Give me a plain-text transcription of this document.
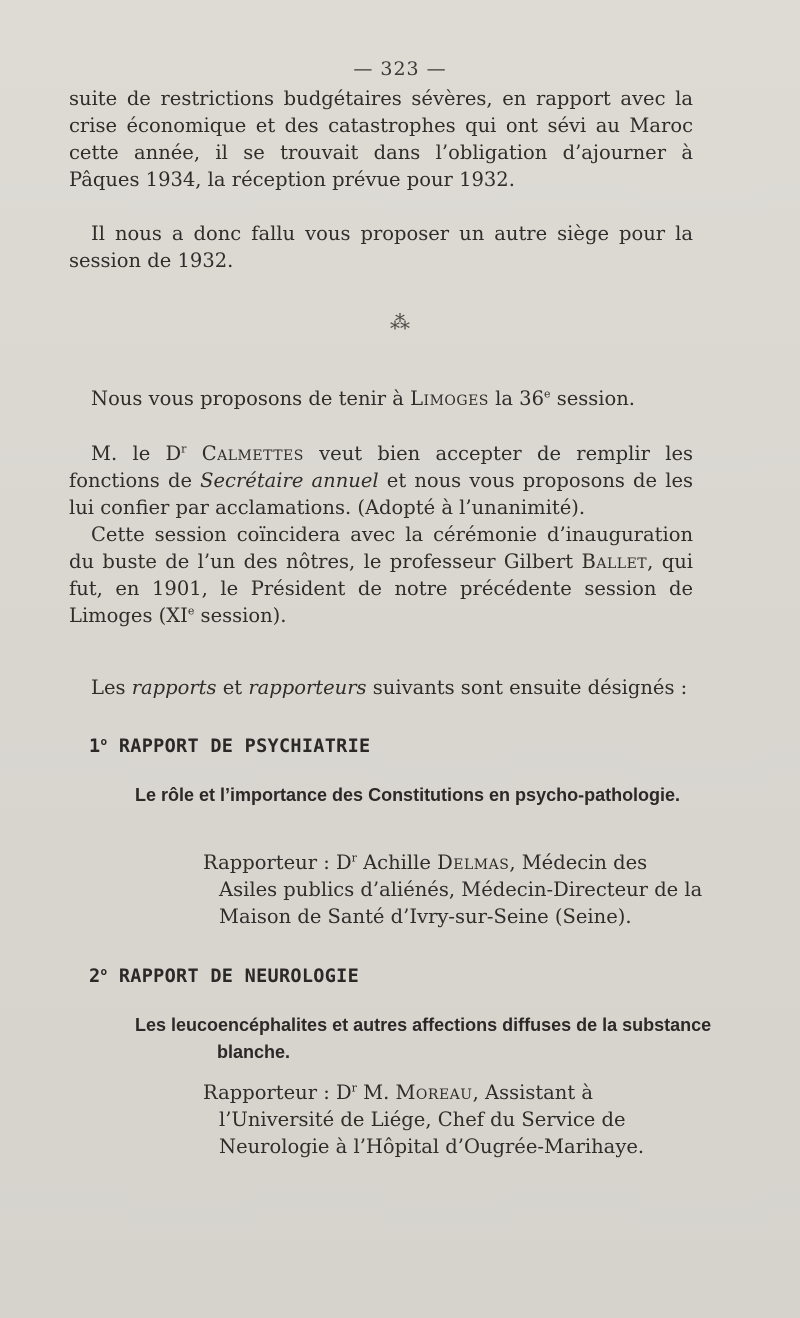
— 323 —

suite de restrictions budgétaires sévères, en rapport avec la crise économique et des catastrophes qui ont sévi au Maroc cette année, il se trouvait dans l’obligation d’ajourner à Pâques 1934, la réception prévue pour 1932.

Il nous a donc fallu vous proposer un autre siège pour la session de 1932.

⁂

Nous vous proposons de tenir à Limoges la 36e session.

M. le $D^r$ Calmettes veut bien accepter de remplir les fonctions de Secrétaire annuel et nous vous proposons de les lui confier par acclamations. (Adopté à l’unanimité).

Cette session coïncidera avec la cérémonie d’inauguration du buste de l’un des nôtres, le professeur Gilbert Ballet, qui fut, en 1901, le Président de notre précédente session de Limoges (XIe session).

Les rapports et rapporteurs suivants sont ensuite désignés :

1$^o$ RAPPORT DE PSYCHIATRIE
Le rôle et l’importance des Constitutions en psycho-pathologie.
Rapporteur : $D^r$ Achille Delmas, Médecin des Asiles publics d’aliénés, Médecin-Directeur de la Maison de Santé d’Ivry-sur-Seine (Seine).
2$^o$ RAPPORT DE NEUROLOGIE
Les leucoencéphalites et autres affections diffuses de la substance blanche.
Rapporteur : $D^r$ M. Moreau, Assistant à l’Université de Liége, Chef du Service de Neurologie à l’Hôpital d’Ougrée-Marihaye.
